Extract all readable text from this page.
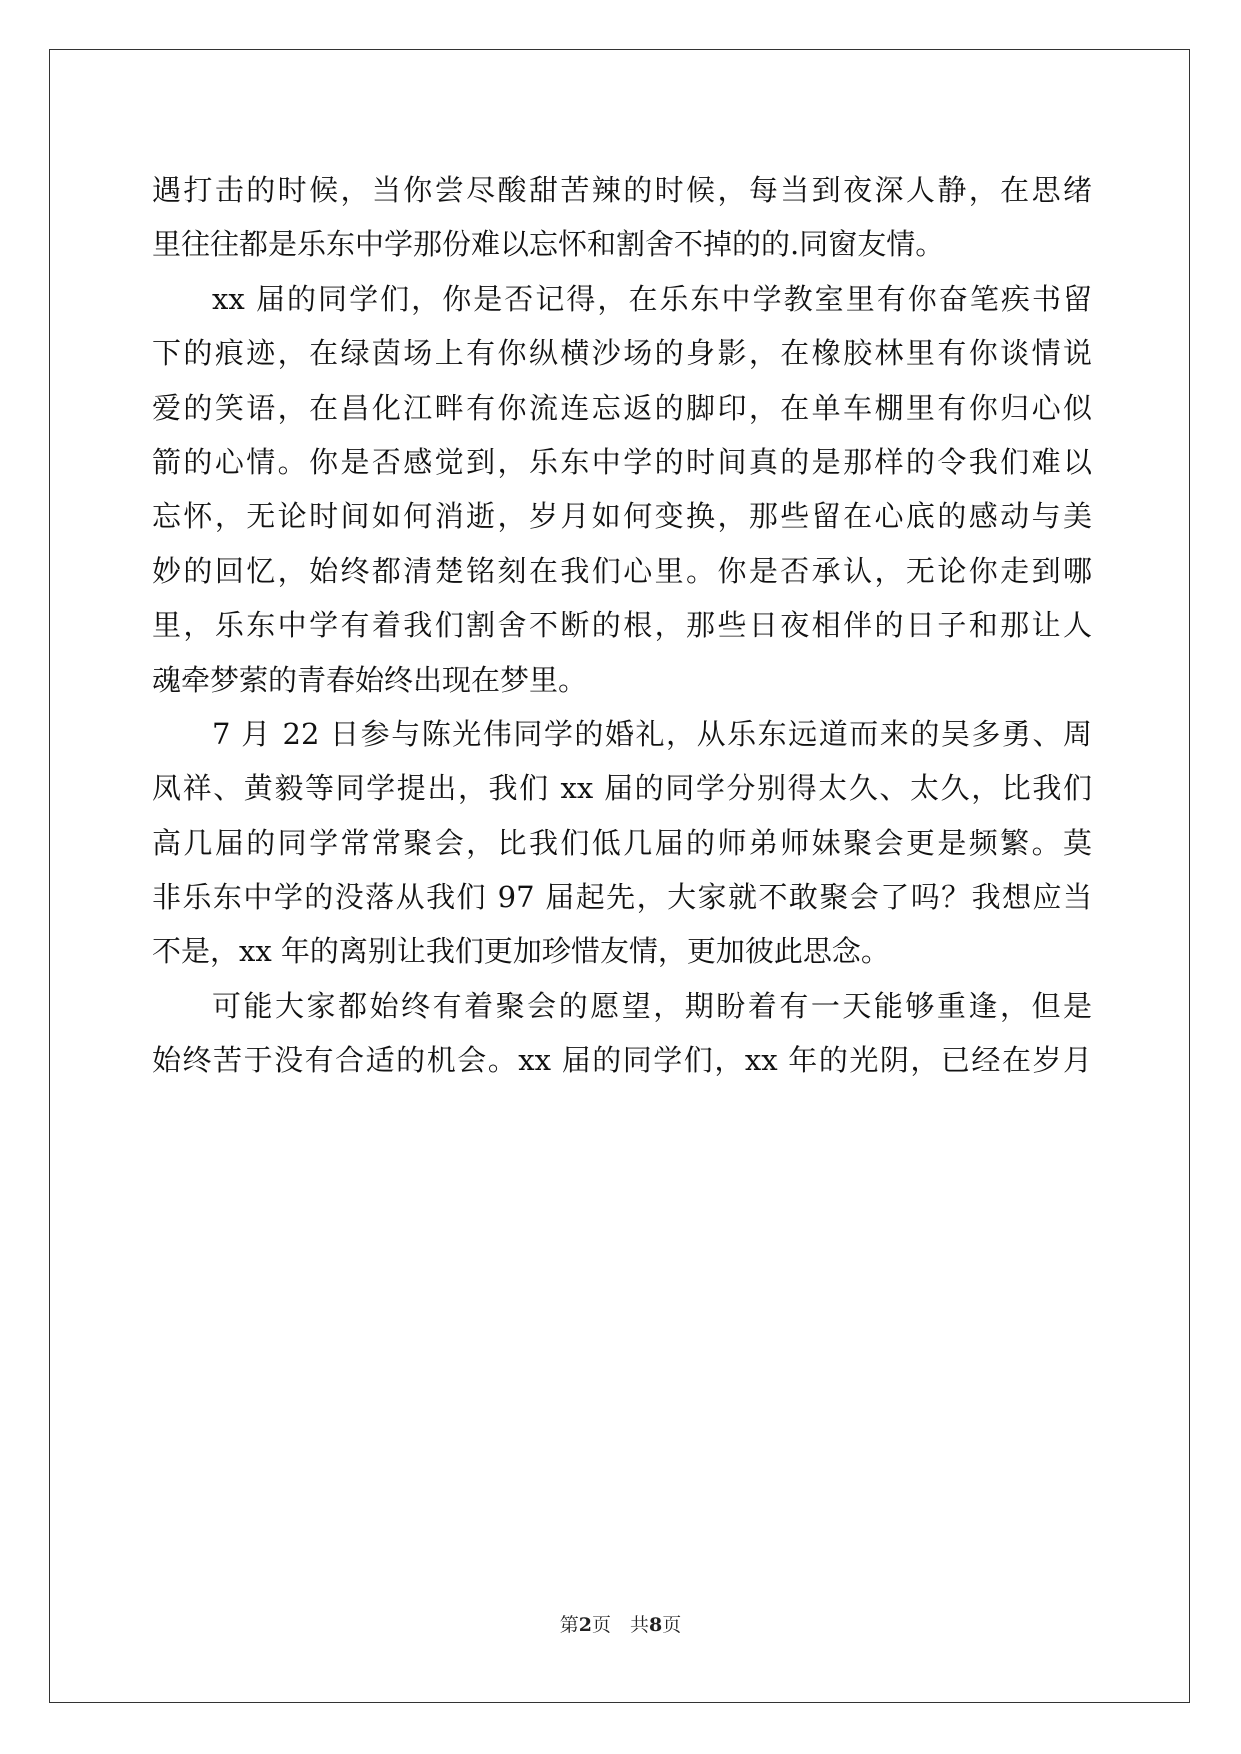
遇打击的时候，当你尝尽酸甜苦辣的时候，每当到夜深人静，在思绪
里往往都是乐东中学那份难以忘怀和割舍不掉的的.同窗友情。
xx 届的同学们，你是否记得，在乐东中学教室里有你奋笔疾书留
下的痕迹，在绿茵场上有你纵横沙场的身影，在橡胶林里有你谈情说
爱的笑语，在昌化江畔有你流连忘返的脚印，在单车棚里有你归心似
箭的心情。你是否感觉到，乐东中学的时间真的是那样的令我们难以
忘怀，无论时间如何消逝，岁月如何变换，那些留在心底的感动与美
妙的回忆，始终都清楚铭刻在我们心里。你是否承认，无论你走到哪
里，乐东中学有着我们割舍不断的根，那些日夜相伴的日子和那让人
魂牵梦萦的青春始终出现在梦里。
7 月 22 日参与陈光伟同学的婚礼，从乐东远道而来的吴多勇、周
凤祥、黄毅等同学提出，我们 xx 届的同学分别得太久、太久，比我们
高几届的同学常常聚会，比我们低几届的师弟师妹聚会更是频繁。莫
非乐东中学的没落从我们 97 届起先，大家就不敢聚会了吗？我想应当
不是，xx 年的离别让我们更加珍惜友情，更加彼此思念。
可能大家都始终有着聚会的愿望，期盼着有一天能够重逢，但是
始终苦于没有合适的机会。xx 届的同学们，xx 年的光阴，已经在岁月
第2页　共8页
